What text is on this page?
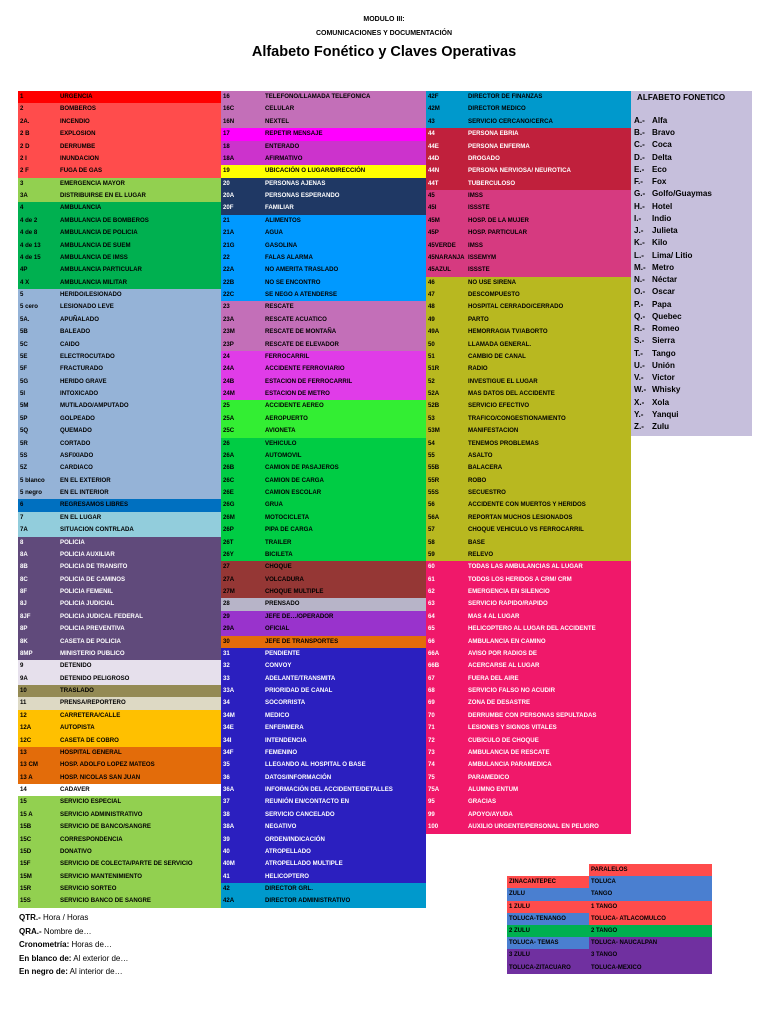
MODULO III:
COMUNICACIONES Y DOCUMENTACIÓN
Alfabeto Fonético y Claves Operativas
1	URGENCIA
2	BOMBEROS
2A.	INCENDIO
2 B	EXPLOSION
2 D	DERRUMBE
2 I	INUNDACION
2 F	FUGA DE GAS
3	EMERGENCIA MAYOR
3A	DISTRIBUIRSE EN EL LUGAR
4	AMBULANCIA
4 de 2	AMBULANCIA DE BOMBEROS
4 de 8	AMBULANCIA DE POLICIA
4 de 13	AMBULANCIA DE SUEM
4 de 15	AMBULANCIA DE IMSS
4P	AMBULANCIA PARTICULAR
4 X	AMBULANCIA MILITAR
5	HERIDO/LESIONADO
5 cero	LESIONADO LEVE
5A.	APUÑALADO
5B	BALEADO
5C	CAIDO
5E	ELECTROCUTADO
5F	FRACTURADO
5G	HERIDO GRAVE
5I	INTOXICADO
5M	MUTILADO/AMPUTADO
5P	GOLPEADO
5Q	QUEMADO
5R	CORTADO
5S	ASFIXIADO
5Z	CARDIACO
5 blanco	EN EL EXTERIOR
5 negro	EN EL INTERIOR
6	REGRESAMOS LIBRES
7	EN EL LUGAR
7A	SITUACION CONTRLADA
8	POLICIA
8A	POLICIA AUXILIAR
8B	POLICIA DE TRANSITO
8C	POLICIA DE CAMINOS
8F	POLICIA FEMENIL
8J	POLICIA JUDICIAL
8JF	POLICIA JUDICAL FEDERAL
8P	POLICIA PREVENTIVA
8K	CASETA DE POLICIA
8MP	MINISTERIO PUBLICO
9	DETENIDO
9A	DETENIDO PELIGROSO
10	TRASLADO
11	PRENSA/REPORTERO
12	CARRETERA/CALLE
12A	AUTOPISTA
12C	CASETA DE COBRO
13	HOSPITAL GENERAL
13 CM	HOSP. ADOLFO LOPEZ MATEOS
13 A	HOSP. NICOLAS SAN JUAN
14	CADAVER
15	SERVICIO ESPECIAL
15 A	SERVICIO ADMINISTRATIVO
15B	SERVICIO DE BANCO/SANGRE
15C	CORRESPONDENCIA
15D	DONATIVO
15F	SERVICIO DE COLECTA/PARTE DE SERVICIO
15M	SERVICIO MANTENIMIENTO
15R	SERVICIO SORTEO
15S	SERVICIO BANCO DE SANGRE
16	TELEFONO/LLAMADA TELEFONICA
16C	CELULAR
16N	NEXTEL
17	REPETIR MENSAJE
18	ENTERADO
18A	AFIRMATIVO
19	UBICACIÓN O LUGAR/DIRECCIÓN
20	PERSONAS AJENAS
20A	PERSONAS ESPERANDO
20F	FAMILIAR
21	ALIMENTOS
21A	AGUA
21G	GASOLINA
22	FALAS ALARMA
22A	NO AMERITA TRASLADO
22B	NO SE ENCONTRO
22C	SE NEGO A ATENDERSE
23	RESCATE
23A	RESCATE ACUATICO
23M	RESCATE DE MONTAÑA
23P	RESCATE DE ELEVADOR
24	FERROCARRIL
24A	ACCIDENTE FERROVIARIO
24B	ESTACION DE FERROCARRIL
24M	ESTACION DE METRO
25	ACCIDENTE AEREO
25A	AEROPUERTO
25C	AVIONETA
26	VEHICULO
26A	AUTOMOVIL
26B	CAMION DE PASAJEROS
26C	CAMION DE CARGA
26E	CAMION ESCOLAR
26G	GRUA
26M	MOTOCICLETA
26P	PIPA DE CARGA
26T	TRAILER
26Y	BICILETA
27	CHOQUE
27A	VOLCADURA
27M	CHOQUE MULTIPLE
28	PRENSADO
29	JEFE DE…/OPERADOR
29A	OFICIAL
30	JEFE DE TRANSPORTES
31	PENDIENTE
32	CONVOY
33	ADELANTE/TRANSMITA
33A	PRIORIDAD DE CANAL
34	SOCORRISTA
34M	MEDICO
34E	ENFERMERA
34I	INTENDENCIA
34F	FEMENINO
35	LLEGANDO AL HOSPITAL O BASE
36	DATOS/INFORMACIÓN
36A	INFORMACIÓN DEL ACCIDENTE/DETALLES
37	REUNIÓN EN/CONTACTO EN
38	SERVICIO CANCELADO
38A	NEGATIVO
39	ORDEN/INDICACIÓN
40	ATROPELLADO
40M	ATROPELLADO MULTIPLE
41	HELICOPTERO
42	DIRECTOR GRL.
42A	DIRECTOR ADMINISTRATIVO
42F	DIRECTOR DE FINANZAS
42M	DIRECTOR MEDICO
43	SERVICIO CERCANO/CERCA
44	PERSONA EBRIA
44E	PERSONA ENFERMA
44D	DROGADO
44N	PERSONA NERVIOSA/ NEUROTICA
44T	TUBERCULOSO
45	IMSS
45I	ISSSTE
45M	HOSP. DE LA MUJER
45P	HOSP. PARTICULAR
45VERDE IMSS
45NARANJA ISSEMYM
45AZUL	ISSSTE
46	NO USE SIRENA
47	DESCOMPUESTO
48	HOSPITAL CERRADO/CERRADO
49	PARTO
49A	HEMORRAGIA TV/ABORTO
50	LLAMADA GENERAL.
51	CAMBIO DE CANAL
51R	RADIO
52	INVESTIGUE EL LUGAR
52A	MAS DATOS DEL ACCIDENTE
52B	SERVICIO EFECTIVO
53	TRAFICO/CONGESTIONAMIENTO
53M	MANIFESTACION
54	TENEMOS PROBLEMAS
55	ASALTO
55B	BALACERA
55R	ROBO
55S	SECUESTRO
56	ACCIDENTE CON MUERTOS Y HERIDOS
56A	REPORTAN MUCHOS LESIONADOS
57	CHOQUE VEHICULO VS FERROCARRIL
58	BASE
59	RELEVO
60	TODAS LAS AMBULANCIAS AL LUGAR
61	TODOS LOS HERIDOS A CRM/ CRM
62	EMERGENCIA EN SILENCIO
63	SERVICIO RAPIDO/RAPIDO
64	MAS 4 AL LUGAR
65	HELICOPTERO AL LUGAR DEL ACCIDENTE
66	AMBULANCIA EN CAMINO
66A	AVISO POR RADIOS DE
66B	ACERCARSE AL LUGAR
67	FUERA DEL AIRE
68	SERVICIO FALSO NO ACUDIR
69	ZONA DE DESASTRE
70	DERRUMBE CON PERSONAS SEPULTADAS
71	LESIONES Y SIGNOS VITALES
72	CUBICULO DE CHOQUE
73	AMBULANCIA DE RESCATE
74	AMBULANCIA PARAMEDICA
75	PARAMEDICO
75A	ALUMNO ENTUM
95	GRACIAS
99	APOYO/AYUDA
100	AUXILIO URGENTE/PERSONAL EN PELIGRO
ALFABETO FONETICO
A.- Alfa
B.- Bravo
C.- Coca
D.- Delta
E.- Eco
F.- Fox
G.- Golfo/Guaymas
H.- Hotel
I.- Indio
J.- Julieta
K.- Kilo
L.- Lima/ Litio
M.- Metro
N.- Néctar
O.- Oscar
P.- Papa
Q.- Quebec
R.- Romeo
S.- Sierra
T.- Tango
U.- Unión
V.- Victor
W.- Whisky
X.- Xola
Y.- Yanqui
Z.- Zulu
PARALELOS
ZINACANTEPEC	TOLUCA
ZULU	TANGO
1 ZULU	1 TANGO
TOLUCA-TENANGO	TOLUCA- ATLACOMULCO
2 ZULU	2 TANGO
TOLUCA- TEMAS	TOLUCA- NAUCALPAN
3 ZULU	3 TANGO
TOLUCA-ZITACUARO	TOLUCA-MEXICO
QTR.- Hora / Horas
QRA.- Nombre de…
Cronometría: Horas de…
En blanco de: Al exterior de…
En negro de: Al interior de…
